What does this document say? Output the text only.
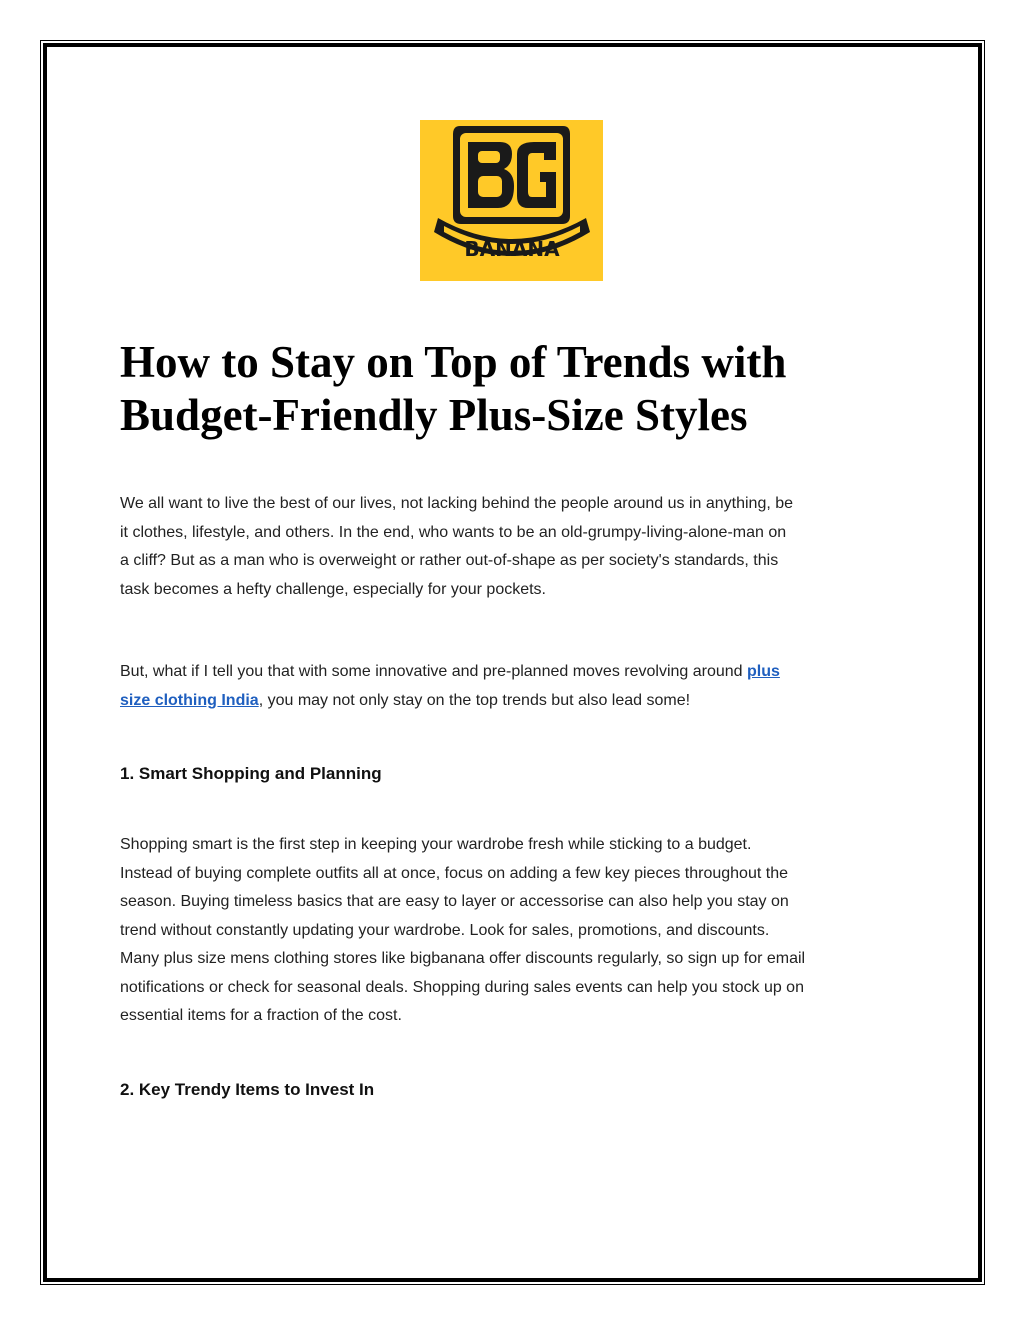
BANANA
How to Stay on Top of Trends with
Budget-Friendly Plus-Size Styles

We all want to live the best of our lives, not lacking behind the people around us in anything, be
it clothes, lifestyle, and others. In the end, who wants to be an old-grumpy-living-alone-man on
a cliff? But as a man who is overweight or rather out-of-shape as per society's standards, this
task becomes a hefty challenge, especially for your pockets.

But, what if I tell you that with some innovative and pre-planned moves revolving around plus
size clothing India, you may not only stay on the top trends but also lead some!

1. Smart Shopping and Planning

Shopping smart is the first step in keeping your wardrobe fresh while sticking to a budget.
Instead of buying complete outfits all at once, focus on adding a few key pieces throughout the
season. Buying timeless basics that are easy to layer or accessorise can also help you stay on
trend without constantly updating your wardrobe. Look for sales, promotions, and discounts.
Many plus size mens clothing stores like bigbanana offer discounts regularly, so sign up for email
notifications or check for seasonal deals. Shopping during sales events can help you stock up on
essential items for a fraction of the cost.

2. Key Trendy Items to Invest In
